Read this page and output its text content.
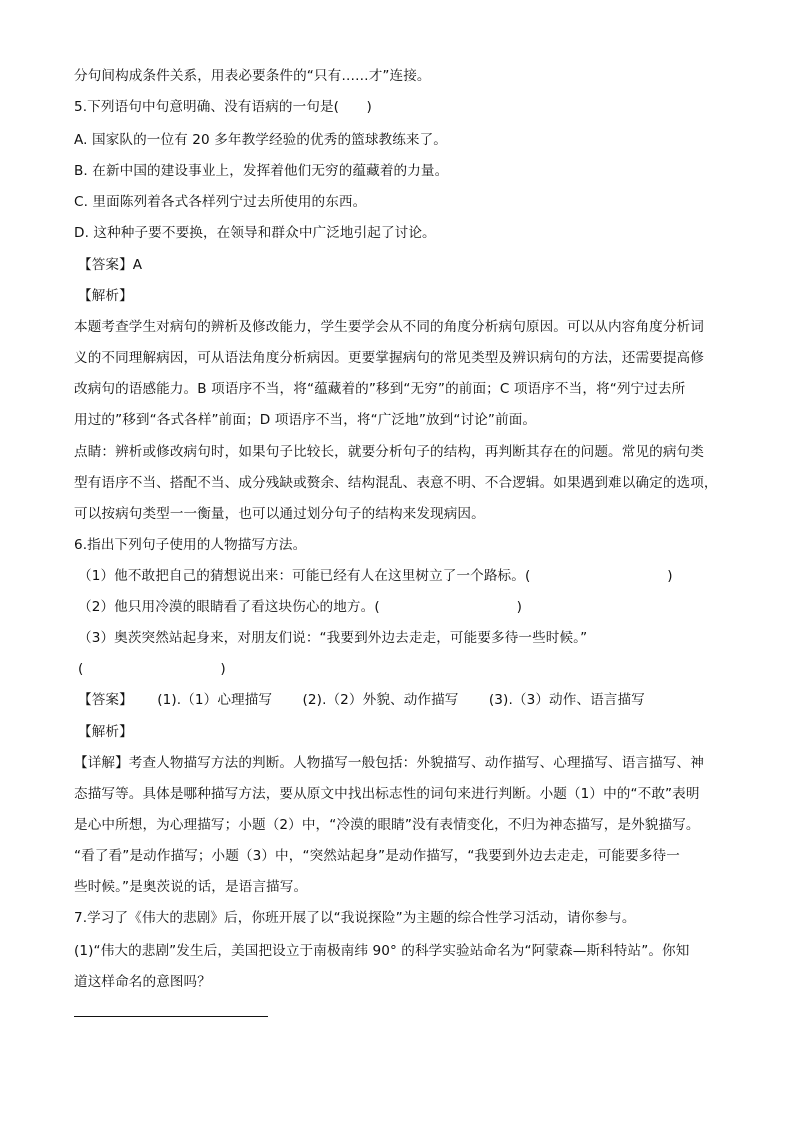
分句间构成条件关系，用表必要条件的“只有……才”连接。
5.下列语句中句意明确、没有语病的一句是(　　)
A. 国家队的一位有 20 多年教学经验的优秀的篮球教练来了。
B. 在新中国的建设事业上，发挥着他们无穷的蕴藏着的力量。
C. 里面陈列着各式各样列宁过去所使用的东西。
D. 这种种子要不要换，在领导和群众中广泛地引起了讨论。
【答案】A
【解析】
本题考查学生对病句的辨析及修改能力，学生要学会从不同的角度分析病句原因。可以从内容角度分析词
义的不同理解病因，可从语法角度分析病因。更要掌握病句的常见类型及辨识病句的方法，还需要提高修
改病句的语感能力。B 项语序不当，将“蕴藏着的”移到“无穷”的前面；C 项语序不当，将“列宁过去所
用过的”移到“各式各样”前面；D 项语序不当，将“广泛地”放到“讨论”前面。
点睛：辨析或修改病句时，如果句子比较长，就要分析句子的结构，再判断其存在的问题。常见的病句类
型有语序不当、搭配不当、成分残缺或赘余、结构混乱、表意不明、不合逻辑。如果遇到难以确定的选项，
可以按病句类型一一衡量，也可以通过划分句子的结构来发现病因。
6.指出下列句子使用的人物描写方法。
（1）他不敢把自己的猜想说出来：可能已经有人在这里树立了一个路标。(　　　　　　　　　　)
（2）他只用冷漠的眼睛看了看这块伤心的地方。(　　　　　　　　　　)
（3）奥茨突然站起身来，对朋友们说：“我要到外边去走走，可能要多待一些时候。”
(　　　　　　　　　　)
【答案】 (1).（1）心理描写 (2).（2）外貌、动作描写 (3).（3）动作、语言描写
【解析】
【详解】考查人物描写方法的判断。人物描写一般包括：外貌描写、动作描写、心理描写、语言描写、神
态描写等。具体是哪种描写方法，要从原文中找出标志性的词句来进行判断。小题（1）中的“不敢”表明
是心中所想，为心理描写；小题（2）中，“冷漠的眼睛”没有表情变化，不归为神态描写，是外貌描写。
“看了看”是动作描写；小题（3）中，“突然站起身”是动作描写，“我要到外边去走走，可能要多待一
些时候。”是奥茨说的话，是语言描写。
7.学习了《伟大的悲剧》后，你班开展了以“我说探险”为主题的综合性学习活动，请你参与。
(1)“伟大的悲剧”发生后，美国把设立于南极南纬 90° 的科学实验站命名为“阿蒙森—斯科特站”。你知
道这样命名的意图吗？
